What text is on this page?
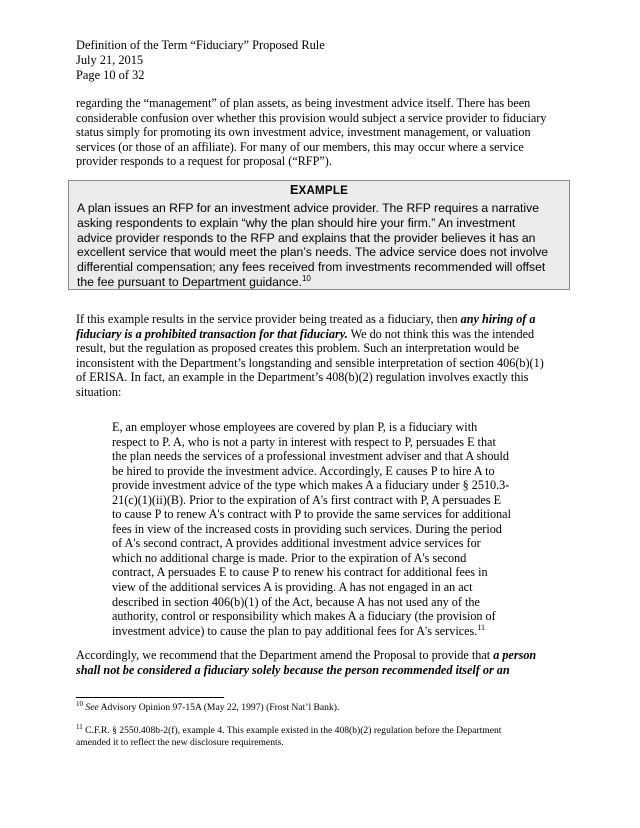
Definition of the Term “Fiduciary” Proposed Rule
July 21, 2015
Page 10 of 32
regarding the “management” of plan assets, as being investment advice itself. There has been
considerable confusion over whether this provision would subject a service provider to fiduciary
status simply for promoting its own investment advice, investment management, or valuation
services (or those of an affiliate). For many of our members, this may occur where a service
provider responds to a request for proposal (“RFP”).
EXAMPLE
A plan issues an RFP for an investment advice provider. The RFP requires a narrative
asking respondents to explain “why the plan should hire your firm.” An investment
advice provider responds to the RFP and explains that the provider believes it has an
excellent service that would meet the plan’s needs. The advice service does not involve
differential compensation; any fees received from investments recommended will offset
the fee pursuant to Department guidance.$^{10}$
If this example results in the service provider being treated as a fiduciary, then any hiring of a
fiduciary is a prohibited transaction for that fiduciary. We do not think this was the intended
result, but the regulation as proposed creates this problem. Such an interpretation would be
inconsistent with the Department’s longstanding and sensible interpretation of section 406(b)(1)
of ERISA. In fact, an example in the Department’s 408(b)(2) regulation involves exactly this
situation:
E, an employer whose employees are covered by plan P, is a fiduciary with
respect to P. A, who is not a party in interest with respect to P, persuades E that
the plan needs the services of a professional investment adviser and that A should
be hired to provide the investment advice. Accordingly, E causes P to hire A to
provide investment advice of the type which makes A a fiduciary under § 2510.3-
21(c)(1)(ii)(B). Prior to the expiration of A's first contract with P, A persuades E
to cause P to renew A's contract with P to provide the same services for additional
fees in view of the increased costs in providing such services. During the period
of A's second contract, A provides additional investment advice services for
which no additional charge is made. Prior to the expiration of A's second
contract, A persuades E to cause P to renew his contract for additional fees in
view of the additional services A is providing. A has not engaged in an act
described in section 406(b)(1) of the Act, because A has not used any of the
authority, control or responsibility which makes A a fiduciary (the provision of
investment advice) to cause the plan to pay additional fees for A's services.$^{11}$
Accordingly, we recommend that the Department amend the Proposal to provide that a person
shall not be considered a fiduciary solely because the person recommended itself or an
$^{10}$ See Advisory Opinion 97-15A (May 22, 1997) (Frost Nat’l Bank).
$^{11}$ C.F.R. § 2550.408b-2(f), example 4. This example existed in the 408(b)(2) regulation before the Department
amended it to reflect the new disclosure requirements.
